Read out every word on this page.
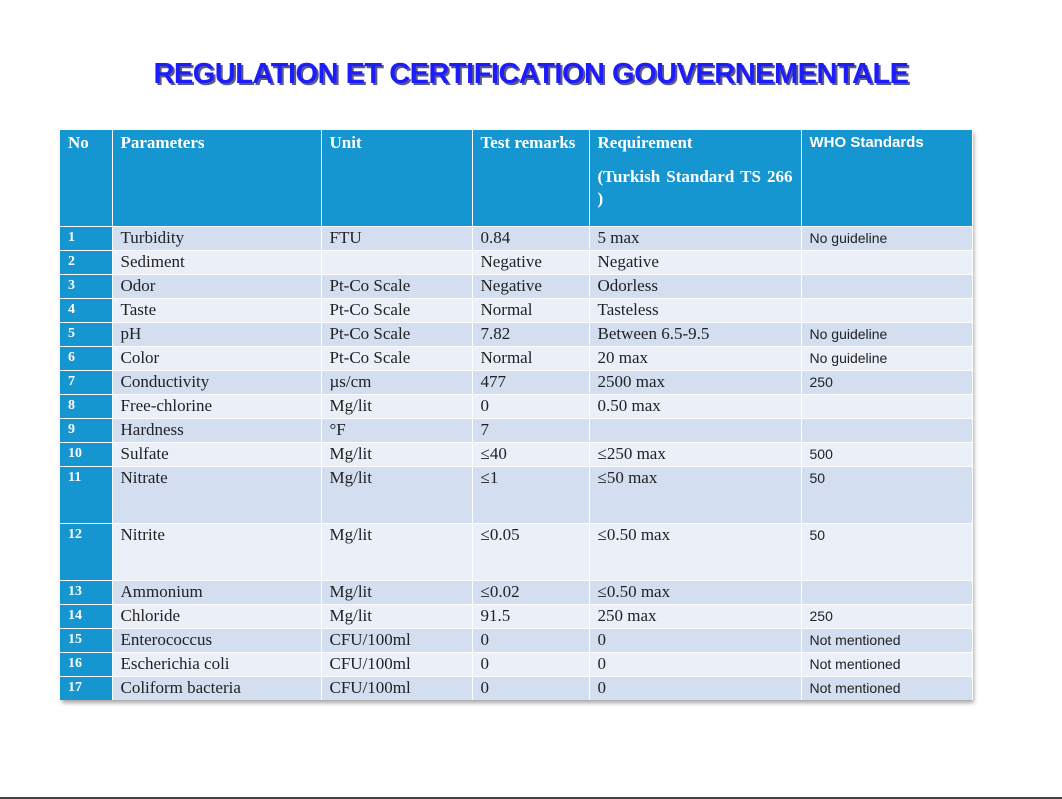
REGULATION ET CERTIFICATION GOUVERNEMENTALE
No	Parameters	Unit	Test remarks	Requirement
(Turkish Standard TS 266 )	WHO Standards
1	Turbidity	FTU	0.84	5 max	No guideline
2	Sediment		Negative	Negative	
3	Odor	Pt-Co Scale	Negative	Odorless	
4	Taste	Pt-Co Scale	Normal	Tasteless	
5	pH	Pt-Co Scale	7.82	Between 6.5-9.5	No guideline
6	Color	Pt-Co Scale	Normal	20 max	No guideline
7	Conductivity	µs/cm	477	2500 max	250
8	Free-chlorine	Mg/lit	0	0.50 max	
9	Hardness	°F	7		
10	Sulfate	Mg/lit	≤40	≤250 max	500
11	Nitrate	Mg/lit	≤1	≤50 max	50
12	Nitrite	Mg/lit	≤0.05	≤0.50 max	50
13	Ammonium	Mg/lit	≤0.02	≤0.50 max	
14	Chloride	Mg/lit	91.5	250 max	250
15	Enterococcus	CFU/100ml	0	0	Not mentioned
16	Escherichia coli	CFU/100ml	0	0	Not mentioned
17	Coliform bacteria	CFU/100ml	0	0	Not mentioned
